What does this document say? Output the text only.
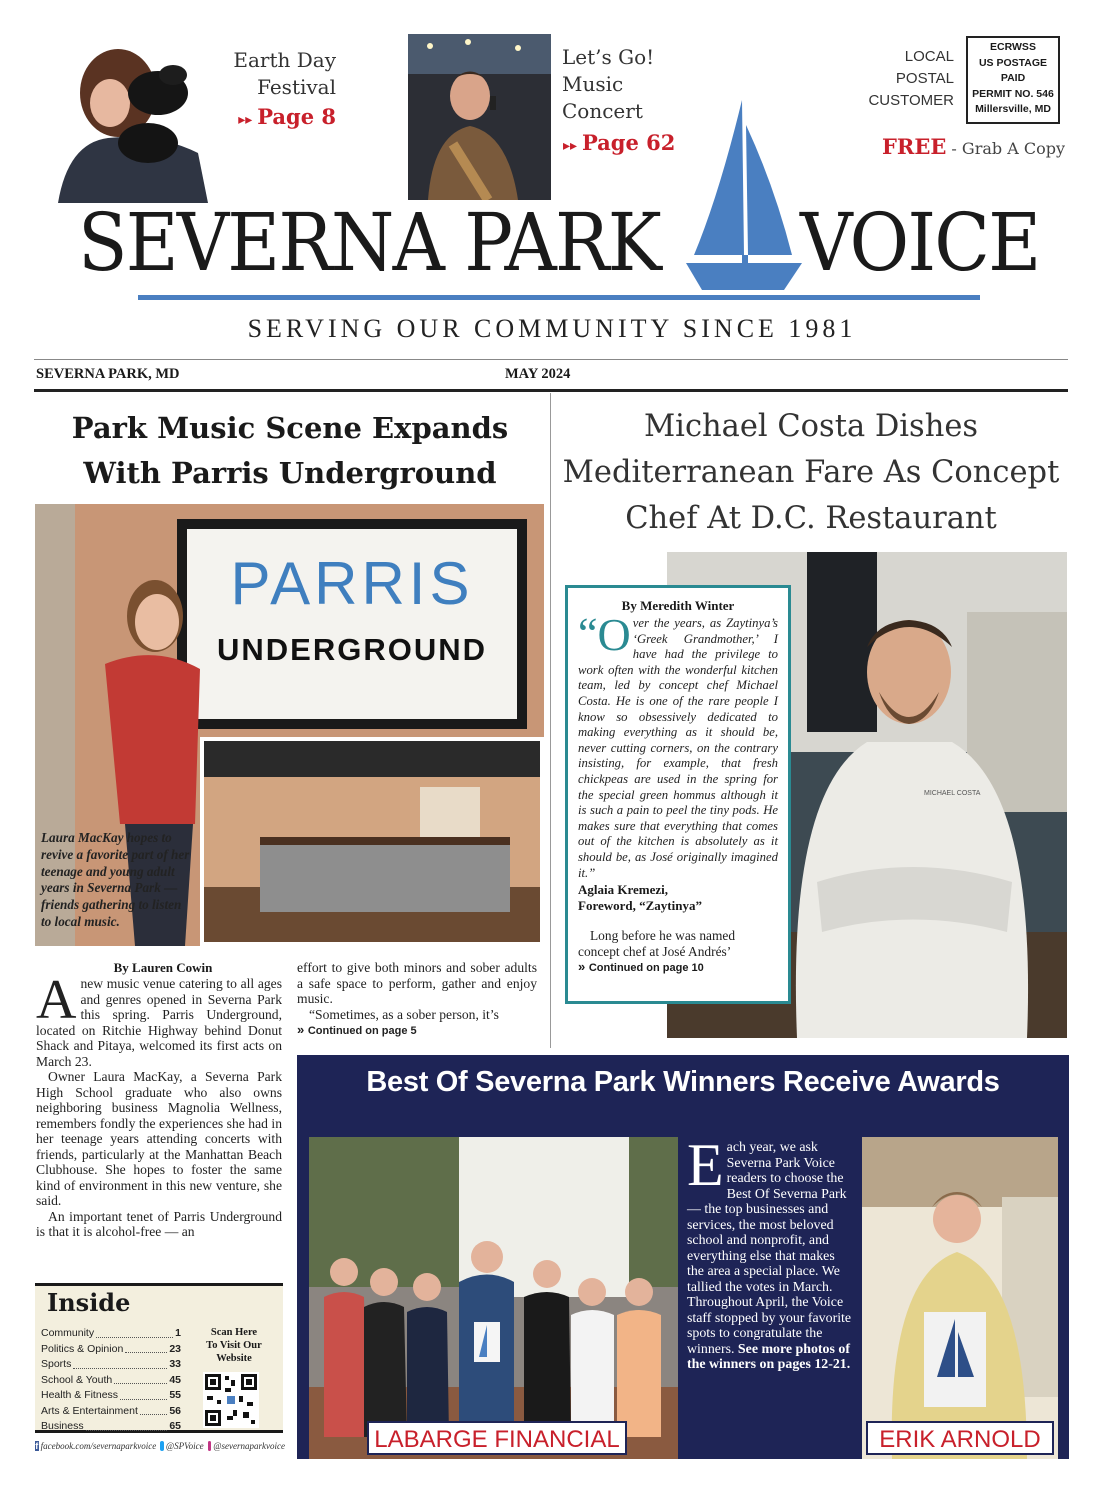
Earth Day
Festival
▸▸ Page 8
Let’s Go!
Music
Concert
▸▸ Page 62
LOCAL
POSTAL
CUSTOMER
ECRWSS
US POSTAGE
PAID
PERMIT NO. 546
Millersville, MD
FREE - Grab A Copy
SEVERNA PARK VOICE
SERVING OUR COMMUNITY SINCE 1981
SEVERNA PARK, MD	MAY 2024
Park Music Scene Expands
With Parris Underground
PARRIS
UNDERGROUND
Laura MacKay hopes to revive a favorite part of her teenage and young adult years in Severna Park — friends gathering to listen to local music.
By Lauren Cowin
A new music venue catering to all ages and genres opened in Severna Park this spring. Parris Underground, located on Ritchie Highway behind Donut Shack and Pitaya, welcomed its first acts on March 23.
Owner Laura MacKay, a Severna Park High School graduate who also owns neighboring business Magnolia Wellness, remembers fondly the experiences she had in her teenage years attending concerts with friends, particularly at the Manhattan Beach Clubhouse. She hopes to foster the same kind of environment in this new venture, she said.
An important tenet of Parris Underground is that it is alcohol-free — an
effort to give both minors and sober adults a safe space to perform, gather and enjoy music.
“Sometimes, as a sober person, it’s
» Continued on page 5
Michael Costa Dishes
Mediterranean Fare As Concept
Chef At D.C. Restaurant
MICHAEL COSTA
By Meredith Winter
“ O ver the years, as Zaytinya’s ‘Greek Grandmother,’ I have had the privilege to work often with the wonderful kitchen team, led by concept chef Michael Costa. He is one of the rare people I know so obsessively dedicated to making everything as it should be, never cutting corners, on the contrary insisting, for example, that fresh chickpeas are used in the spring for the special green hommus although it is such a pain to peel the tiny pods. He makes sure that everything that comes out of the kitchen is absolutely as it should be, as José originally imagined it.”
Aglaia Kremezi,
Foreword, “Zaytinya”
Long before he was named concept chef at José Andrés’
» Continued on page 10
Inside
Community	1
Politics & Opinion	23
Sports	33
School & Youth	45
Health & Fitness	55
Arts & Entertainment	56
Business	65
Scan Here
To Visit Our
Website
f facebook.com/severnaparkvoice @SPVoice @severnaparkvoice
Best Of Severna Park Winners Receive Awards
LABARGE FINANCIAL
Each year, we ask Severna Park Voice readers to choose the Best Of Severna Park — the top businesses and services, the most beloved school and nonprofit, and everything else that makes the area a special place. We tallied the votes in March. Throughout April, the Voice staff stopped by your favorite spots to congratulate the winners. See more photos of the winners on pages 12-21.
ERIK ARNOLD
